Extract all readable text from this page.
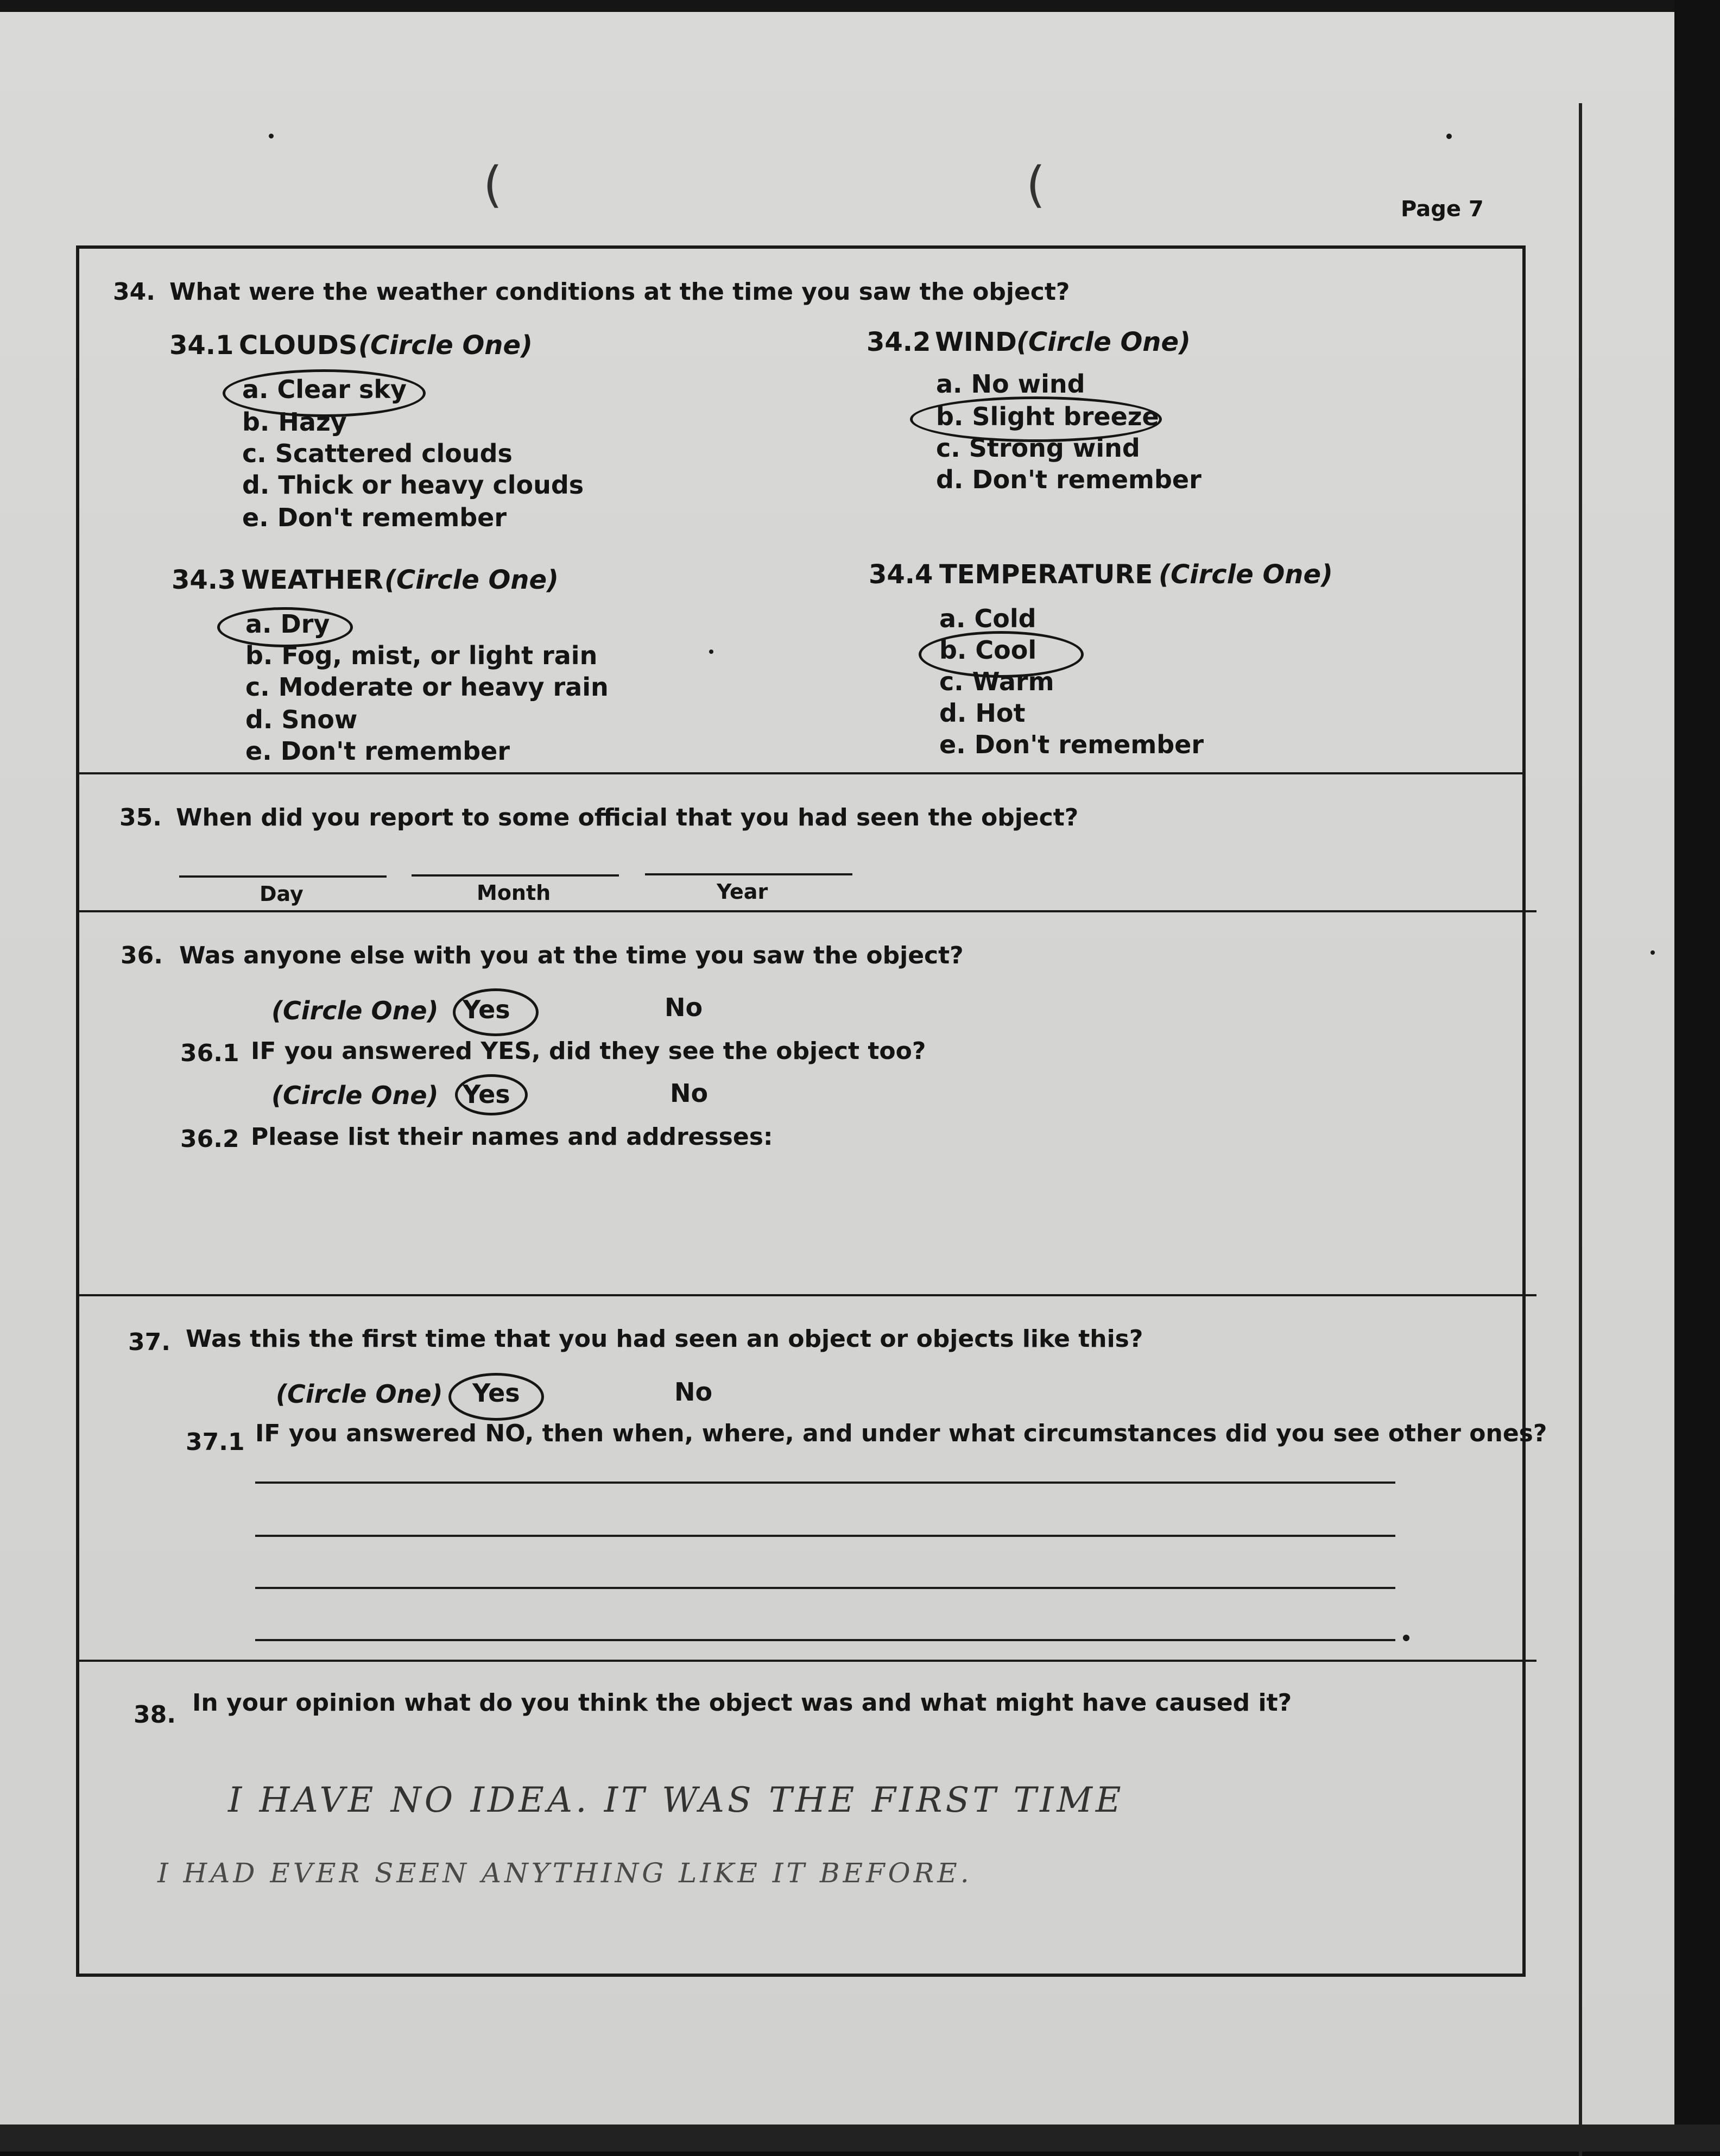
(	(	Page 7
34. What were the weather conditions at the time you saw the object?
34.1 CLOUDS (Circle One)
a. Clear sky
b. Hazy
c. Scattered clouds
d. Thick or heavy clouds
e. Don't remember
34.2 WIND (Circle One)
a. No wind
b. Slight breeze
c. Strong wind
d. Don't remember
34.3 WEATHER (Circle One)
a. Dry
b. Fog, mist, or light rain
c. Moderate or heavy rain
d. Snow
e. Don't remember
34.4 TEMPERATURE (Circle One)
a. Cold
b. Cool
c. Warm
d. Hot
e. Don't remember
35. When did you report to some official that you had seen the object?
Day	Month	Year
36. Was anyone else with you at the time you saw the object?
(Circle One) Yes	No
36.1 IF you answered YES, did they see the object too?
(Circle One) Yes	No
36.2 Please list their names and addresses:
37. Was this the first time that you had seen an object or objects like this?
(Circle One) Yes	No
37.1 IF you answered NO, then when, where, and under what circumstances did you see other ones?
38. In your opinion what do you think the object was and what might have caused it?
I HAVE NO IDEA. IT WAS THE FIRST TIME
I HAD EVER SEEN ANYTHING LIKE IT BEFORE.
